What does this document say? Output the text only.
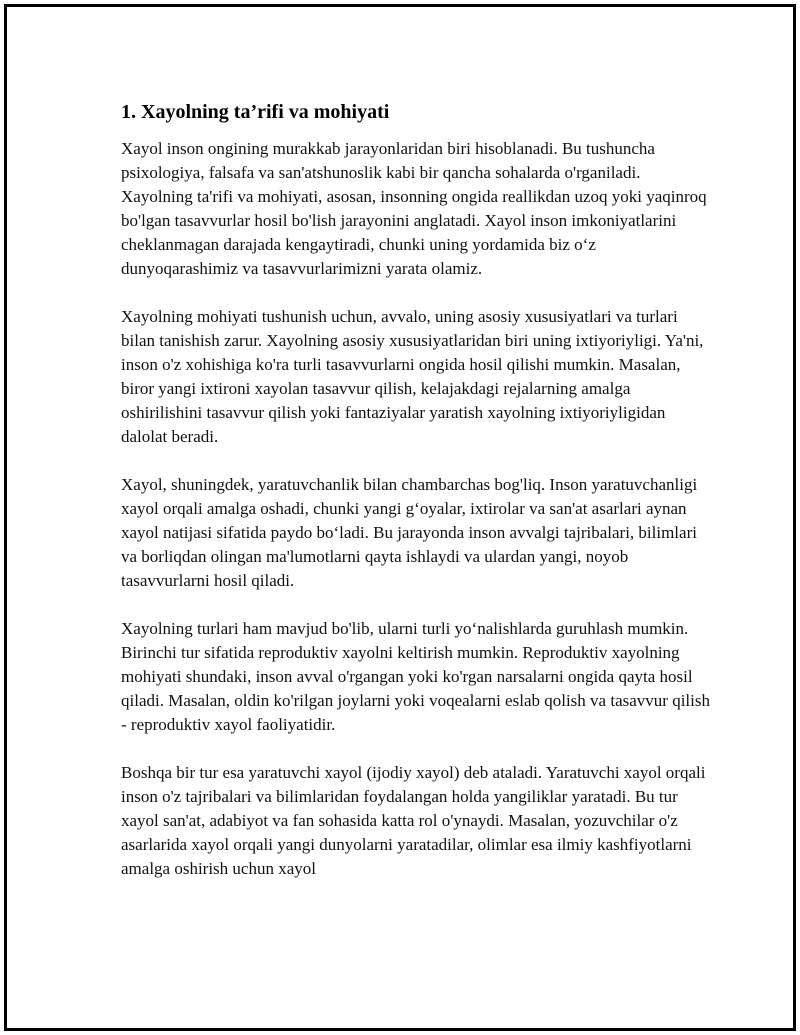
1. Xayolning ta’rifi va mohiyati

Xayol inson ongining murakkab jarayonlaridan biri hisoblanadi. Bu tushuncha psixologiya, falsafa va san'atshunoslik kabi bir qancha sohalarda o'rganiladi. Xayolning ta'rifi va mohiyati, asosan, insonning ongida reallikdan uzoq yoki yaqinroq bo'lgan tasavvurlar hosil bo'lish jarayonini anglatadi. Xayol inson imkoniyatlarini cheklanmagan darajada kengaytiradi, chunki uning yordamida biz o‘z dunyoqarashimiz va tasavvurlarimizni yarata olamiz.

Xayolning mohiyati tushunish uchun, avvalo, uning asosiy xususiyatlari va turlari bilan tanishish zarur. Xayolning asosiy xususiyatlaridan biri uning ixtiyoriyligi. Ya'ni, inson o'z xohishiga ko'ra turli tasavvurlarni ongida hosil qilishi mumkin. Masalan, biror yangi ixtironi xayolan tasavvur qilish, kelajakdagi rejalarning amalga oshirilishini tasavvur qilish yoki fantaziyalar yaratish xayolning ixtiyoriyligidan dalolat beradi.

Xayol, shuningdek, yaratuvchanlik bilan chambarchas bog'liq. Inson yaratuvchanligi xayol orqali amalga oshadi, chunki yangi g‘oyalar, ixtirolar va san'at asarlari aynan xayol natijasi sifatida paydo bo‘ladi. Bu jarayonda inson avvalgi tajribalari, bilimlari va borliqdan olingan ma'lumotlarni qayta ishlaydi va ulardan yangi, noyob tasavvurlarni hosil qiladi.

Xayolning turlari ham mavjud bo'lib, ularni turli yo‘nalishlarda guruhlash mumkin. Birinchi tur sifatida reproduktiv xayolni keltirish mumkin. Reproduktiv xayolning mohiyati shundaki, inson avval o'rgangan yoki ko'rgan narsalarni ongida qayta hosil qiladi. Masalan, oldin ko'rilgan joylarni yoki voqealarni eslab qolish va tasavvur qilish - reproduktiv xayol faoliyatidir.

Boshqa bir tur esa yaratuvchi xayol (ijodiy xayol) deb ataladi. Yaratuvchi xayol orqali inson o'z tajribalari va bilimlaridan foydalangan holda yangiliklar yaratadi. Bu tur xayol san'at, adabiyot va fan sohasida katta rol o'ynaydi. Masalan, yozuvchilar o'z asarlarida xayol orqali yangi dunyolarni yaratadilar, olimlar esa ilmiy kashfiyotlarni amalga oshirish uchun xayol
